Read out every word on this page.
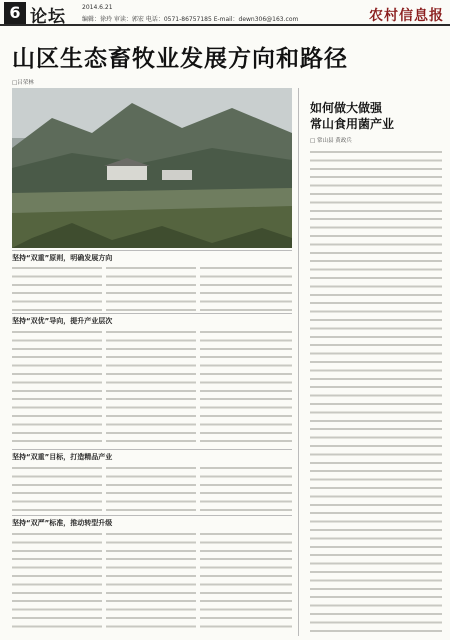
6 论坛	2014.6.21
编辑：徐玲 审读：郭宏 电话：0571-86757185 E-mail：dewn306@163.com	农村信息报
山区生态畜牧业发展方向和路径
□吕荣林
坚持“双重”原则，明确发展方向
坚持“双优”导向，提升产业层次
坚持“双重”目标，打造精品产业
坚持“双严”标准，推动转型升级
如何做大做强
常山食用菌产业
□ 常山县 黄政兵
